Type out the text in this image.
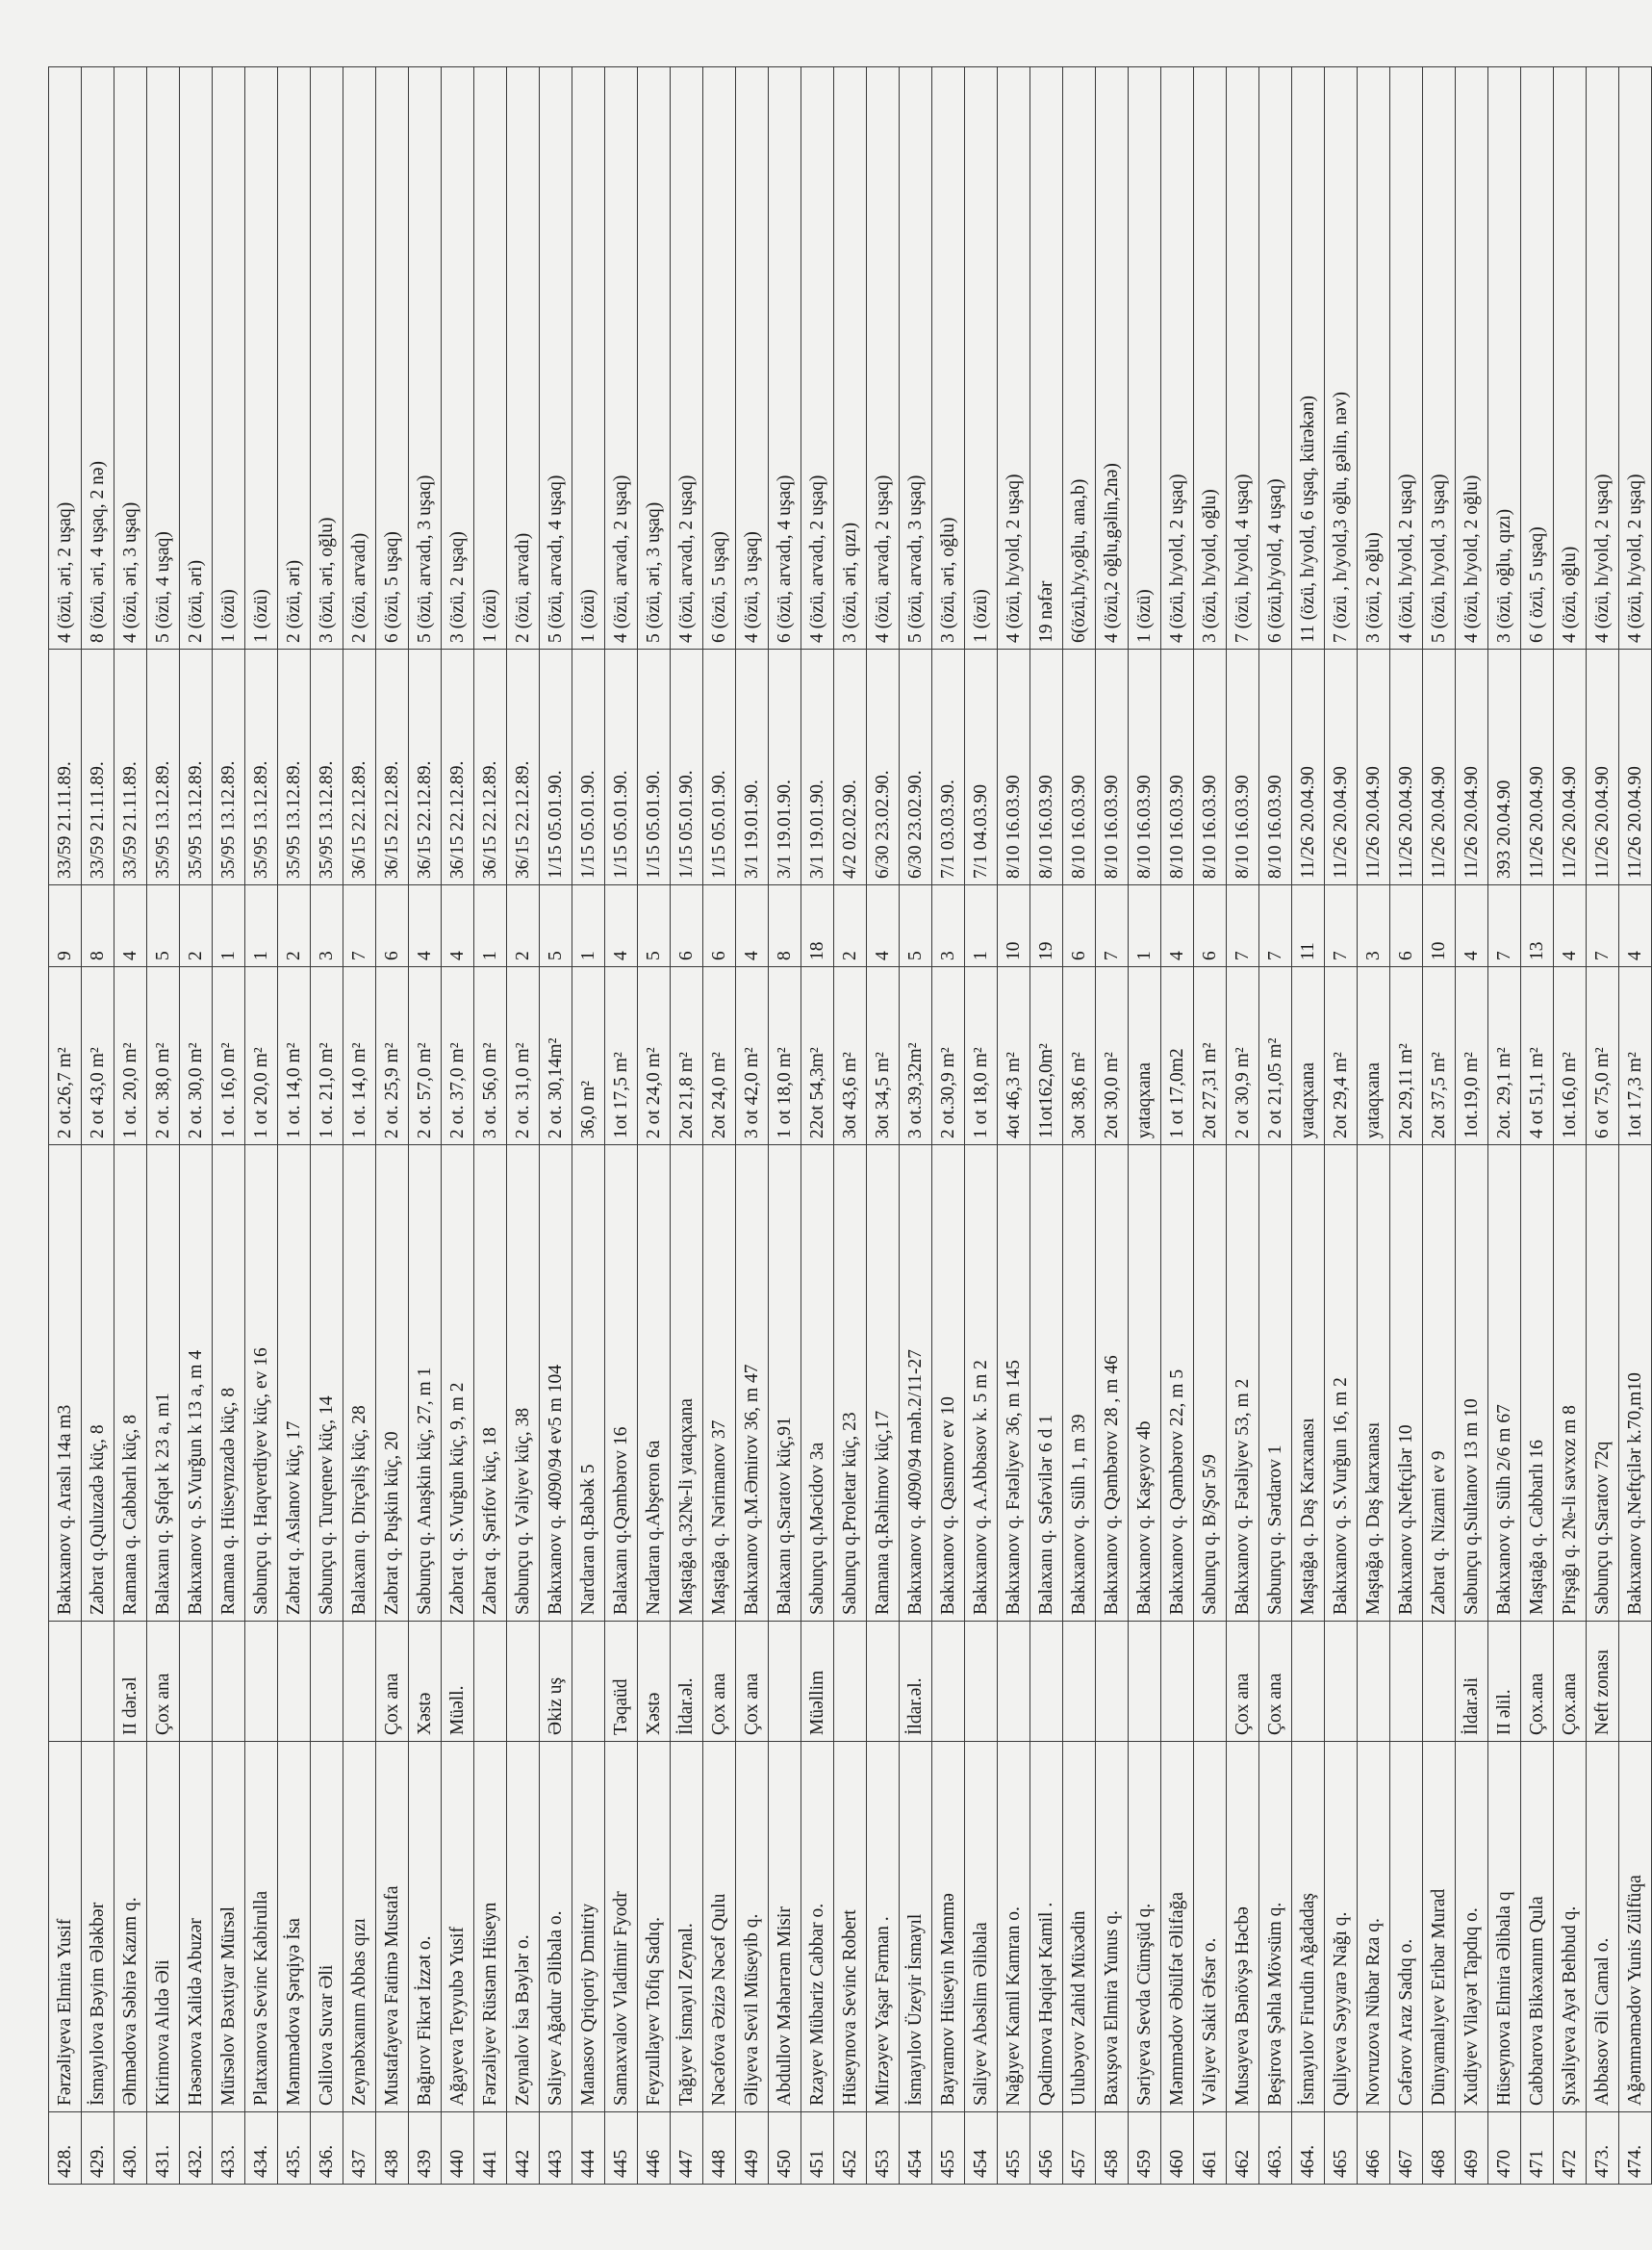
428.	Fərzəliyeva Elmira Yusif		Bakıxanov q. Araslı 14a m3	2 ot.26,7 m²	9	33/59 21.11.89.	4 (özü, əri, 2 uşaq)
429.	İsmayılova Bəyim Ələkbər		Zabrat q.Quluzadə küç, 8	2 ot 43,0 m²	8	33/59 21.11.89.	8 (özü, əri, 4 uşaq, 2 nə)
430.	Əhmədova Səbirə Kazım q.	II dər.əl	Ramana q. Cabbarlı küç, 8	1 ot. 20,0 m²	4	33/59 21.11.89.	4 (özü, əri, 3 uşaq)
431.	Kirimova Alıdə Əli	Çox ana	Balaxanı q. Şəfqət k 23 a, m1	2 ot. 38,0 m²	5	35/95 13.12.89.	5 (özü, 4 uşaq)
432.	Həsənova Xalidə Abuzər		Bakıxanov q. S.Vurğun k 13 a, m 4	2 ot. 30,0 m²	2	35/95 13.12.89.	2 (özü, əri)
433.	Mürsəlov Bəxtiyar Mürsəl		Ramana q. Hüseynzadə küç, 8	1 ot. 16,0 m²	1	35/95 13.12.89.	1 (özü)
434.	Platxanova Sevinc Kabirulla		Sabunçu q. Haqverdiyev küç, ev 16	1 ot 20,0 m²	1	35/95 13.12.89.	1 (özü)
435.	Məmmədova Şərqiyə İsa		Zabrat q. Aslanov küç, 17	1 ot. 14,0 m²	2	35/95 13.12.89.	2 (özü, əri)
436.	Cəlilova Suvar Əli		Sabunçu q. Turqenev küç, 14	1 ot. 21,0 m²	3	35/95 13.12.89.	3 (özü, əri, oğlu)
437	Zeynəbxanım Abbas qızı		Balaxanı q. Dirçəliş küç, 28	1 ot. 14,0 m²	7	36/15 22.12.89.	2 (özü, arvadı)
438	Mustafayeva Fatimə Mustafa	Çox ana	Zabrat q. Puşkin küç, 20	2 ot. 25,9 m²	6	36/15 22.12.89.	6 (özü, 5 uşaq)
439	Bağırov Fikrət İzzət o.	Xəstə	Sabunçu q. Anaşkin küç, 27, m 1	2 ot. 57,0 m²	4	36/15 22.12.89.	5 (özü, arvadı, 3 uşaq)
440	Ağayeva Teyyubə Yusif	Müəll.	Zabrat q. S.Vurğun küç, 9, m 2	2 ot. 37,0 m²	4	36/15 22.12.89.	3 (özü, 2 uşaq)
441	Fərzəliyev Rüstəm Hüseyn		Zabrat q. Şərifov küç, 18	3 ot. 56,0 m²	1	36/15 22.12.89.	1 (özü)
442	Zeynalov İsa Bəylər o.		Sabunçu q. Vəliyev küç, 38	2 ot. 31,0 m²	2	36/15 22.12.89.	2 (özü, arvadı)
443	Səliyev Ağadur Əlibala o.	Əkiz uş	Bakıxanov q. 4090/94 ev5 m 104	2 ot. 30,14m²	5	1/15 05.01.90.	5 (özü, arvadı, 4 uşaq)
444	Manasov Qriqoriy Dmitriy		Nardaran q.Babək 5	36,0 m²	1	1/15 05.01.90.	1 (özü)
445	Samaxvalov Vladimir Fyodr	Təqaüd	Balaxanı q.Qəmbərov 16	1ot 17,5 m²	4	1/15 05.01.90.	4 (özü, arvadı, 2 uşaq)
446	Feyzullayev Tofiq Sadıq.	Xəstə	Nardaran q.Abşeron 6a	2 ot 24,0 m²	5	1/15 05.01.90.	5 (özü, əri, 3 uşaq)
447	Tağıyev İsmayıl Zeynal.	İldar.əl.	Maştağa q.32№-li yataqxana	2ot 21,8 m²	6	1/15 05.01.90.	4 (özü, arvadı, 2 uşaq)
448	Nəcəfova Əzizə Nəcəf Qulu	Çox ana	Maştağa q. Nərimanov 37	2ot 24,0 m²	6	1/15 05.01.90.	6 (özü, 5 uşaq)
449	Əliyeva Sevil Müseyib q.	Çox ana	Bakıxanov q.M.Əmirov 36, m 47	3 ot 42,0 m²	4	3/1 19.01.90.	4 (özü, 3 uşaq)
450	Abdullov Məhərrəm Misir		Balaxanı q.Saratov küç,91	1 ot 18,0 m²	8	3/1 19.01.90.	6 (özü, arvadı, 4 uşaq)
451	Rzayev Mübariz Cabbar o.	Müəllim	Sabunçu q.Məcidov 3a	22ot 54,3m²	18	3/1 19.01.90.	4 (özü, arvadı, 2 uşaq)
452	Hüseynova Sevinc Robert		Sabunçu q.Proletar küç, 23	3ot 43,6 m²	2	4/2 02.02.90.	3 (özü, əri, qızı)
453	Mirzəyev Yaşar Fərman .		Ramana q.Rəhimov küç,17	3ot 34,5 m²	4	6/30 23.02.90.	4 (özü, arvadı, 2 uşaq)
454	İsmayılov Üzeyir İsmayıl	İldar.əl.	Bakıxanov q. 4090/94 məh.2/11-27	3 ot.39,32m²	5	6/30 23.02.90.	5 (özü, arvadı, 3 uşaq)
455	Bayramov Hüseyin Məmmə		Bakıxanov q. Qasımov ev 10	2 ot.30,9 m²	3	7/1 03.03.90.	3 (özü, əri, oğlu)
454	Saliyev Abəslim Əlibala		Bakıxanov q. A.Abbasov k. 5 m 2	1 ot 18,0 m²	1	7/1 04.03.90	1 (özü)
455	Nağıyev Kamil Kamran o.		Bakıxanov q. Fətəliyev 36, m 145	4ot 46,3 m²	10	8/10 16.03.90	4 (özü, h/yold, 2 uşaq)
456	Qədimova Həqiqət Kamil .		Balaxanı q. Səfəvilər 6 d 1	11ot162,0m²	19	8/10 16.03.90	19 nəfər
457	Ulubəyov Zahid Müxədin		Bakıxanov q. Sülh 1, m 39	3ot 38,6 m²	6	8/10 16.03.90	6(özü,h/y,oğlu, ana,b)
458	Baxışova Elmira Yunus q.		Bakıxanov q. Qəmbərov 28 , m 46	2ot 30,0 m²	7	8/10 16.03.90	4 (özü,2 oğlu,gəlin,2nə)
459	Səriyeva Sevda Cümşüd q.		Bakıxanov q. Kaşeyov 4b	yataqxana	1	8/10 16.03.90	1 (özü)
460	Məmmədov Əbülfət Əlifağa		Bakıxanov q. Qəmbərov 22, m 5	1 ot 17,0m2	4	8/10 16.03.90	4 (özü, h/yold, 2 uşaq)
461	Vəliyev Sakit Əfsər o.		Sabunçu q. B/Şor 5/9	2ot 27,31 m²	6	8/10 16.03.90	3 (özü, h/yold, oğlu)
462	Musayeva Bənövşə Həcbə	Çox ana	Bakıxanov q. Fətəliyev 53, m 2	2 ot 30,9 m²	7	8/10 16.03.90	7 (özü, h/yold, 4 uşaq)
463.	Beşirova Şəhla Mövsüm q.	Çox ana	Sabunçu q. Sərdarov 1	2 ot 21,05 m²	7	8/10 16.03.90	6 (özü,h/yold, 4 uşaq)
464.	İsmayılov Firudin Ağadadaş		Maştağa q. Daş Karxanası	yataqxana	11	11/26 20.04.90	11 (özü, h/yold, 6 uşaq, kürəkən)
465	Quliyeva Səyyarə Nağı q.		Bakıxanov q. S.Vurğun 16, m 2	2ot 29,4 m²	7	11/26 20.04.90	7 (özü , h/yold,3 oğlu, gəlin, nəv)
466	Novruzova Nübar Rza q.		Maştağa q. Daş karxanası	yataqxana	3	11/26 20.04.90	3 (özü, 2 oğlu)
467	Cəfərov Araz Sadıq o.		Bakıxanov q.Neftçilər 10	2ot 29,11 m²	6	11/26 20.04.90	4 (özü, h/yold, 2 uşaq)
468	Dünyamalıyev Eribar Murad		Zabrat q. Nizami ev 9	2ot 37,5 m²	10	11/26 20.04.90	5 (özü, h/yold, 3 uşaq)
469	Xudiyev Vilayət Tapdıq o.	İldar.əli	Sabunçu q.Sultanov 13 m 10	1ot.19,0 m²	4	11/26 20.04.90	4 (özü, h/yold, 2 oğlu)
470	Hüseynova Elmira Əlibala q	II əlil.	Bakıxanov q. Sülh 2/6 m 67	2ot. 29,1 m²	7	393 20.04.90	3 (özü, oğlu, qızı)
471	Cabbarova Bikəxanım Qula	Çox.ana	Maştağa q. Cabbarlı 16	4 ot 51,1 m²	13	11/26 20.04.90	6 ( özü, 5 uşaq)
472	Şıxəliyeva Ayət Behbud q.	Çox.ana	Pirşağı q. 2№-li savxoz m 8	1ot.16,0 m²	4	11/26 20.04.90	4 (özü, oğlu)
473.	Abbasov Əli Camal o.	Neft zonası	Sabunçu q.Saratov 72q	6 ot 75,0 m²	7	11/26 20.04.90	4 (özü, h/yold, 2 uşaq)
474.	Ağəmməmədov Yunis Zülfüqa		Bakıxanov q.Neftçilər k.70,m10	1ot 17,3 m²	4	11/26 20.04.90	4 (özü, h/yold, 2 uşaq)
